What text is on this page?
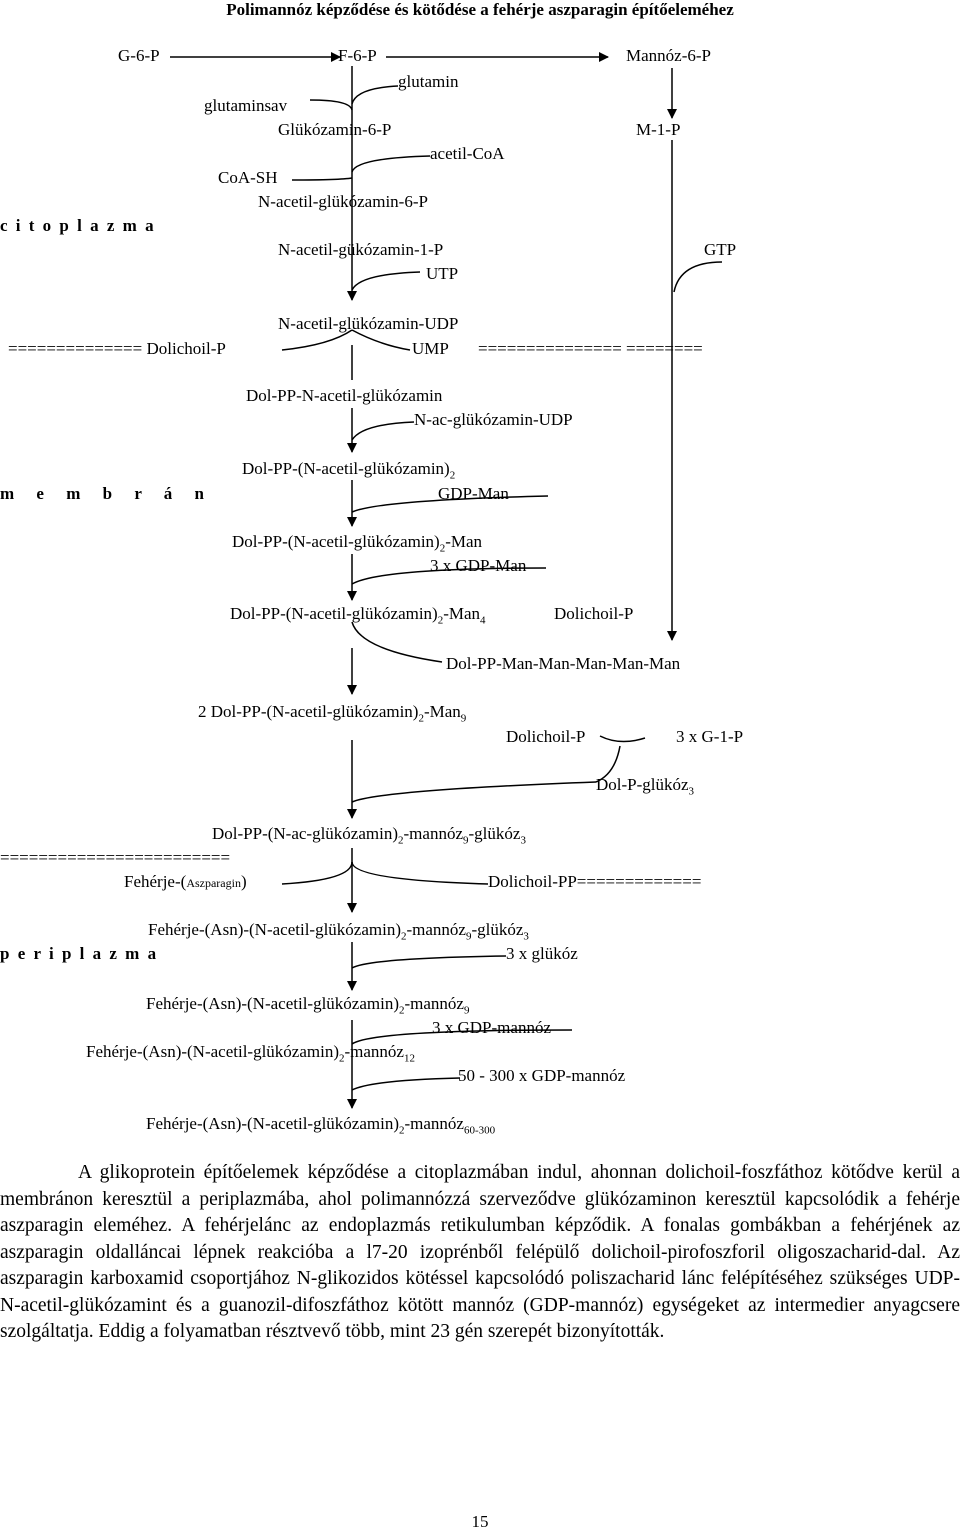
Polimannóz képződése és kötődése a fehérje aszparagin építőeleméhez
G-6-P	F-6-P	Mannóz-6-P
glutamin
glutaminsav
Glükózamin-6-P	M-1-P
acetil-CoA
CoA-SH
N-acetil-glükózamin-6-P
c i t o p l a z m a
N-acetil-gükózamin-1-P	GTP
UTP
N-acetil-glükózamin-UDP
============== Dolichoil-P	UMP =============== ========
Dol-PP-N-acetil-glükózamin
N-ac-glükózamin-UDP
Dol-$PP-(N-acetil-glükózamin)_2$
m e m b r á n	GDP-Man
Dol-$PP-(N-acetil-glükózamin)_2$-Man
3 x GDP-Man
Dol-$PP-(N-acetil-glükózamin)_2-Man_4$	Dolichoil-P
Dol-PP-Man-Man-Man-Man-Man
2 Dol-$PP-(N-acetil-glükózamin)_2-Man_9$
Dolichoil-P	3 x G-1-P
Dol-P-glükóz$_3$
Dol-$PP-(N-ac-glükózamin)_2-mannóz_9-glükóz_3$
========================
Fehérje-(Aszparagin)	Dolichoil-PP=============
Fehérje-$(Asn)-(N-acetil-glükózamin)_2-mannóz_9-glükóz_3$
p e r i p l a z m a	3 x glükóz
Fehérje-$(Asn)-(N-acetil-glükózamin)_2-mannóz_9$
3 x GDP-mannóz
Fehérje-$(Asn)-(N-acetil-glükózamin)_2-mannóz_{12}$
50 - 300 x GDP-mannóz
Fehérje-$(Asn)-(N-acetil-glükózamin)_2-mannóz_{60-300}$
A glikoprotein építőelemek képződése a citoplazmában indul, ahonnan dolichoil-foszfáthoz kötődve kerül a membránon keresztül a periplazmába, ahol polimannózzá szerveződve glükózaminon keresztül kapcsolódik a fehérje aszparagin eleméhez. A fehérjelánc az endoplazmás retikulumban képződik. A fonalas gombákban a fehérjének az aszparagin oldalláncai lépnek reakcióba a l7-20 izoprénből felépülő dolichoil-pirofoszforil oligoszacharid-dal. Az aszparagin karboxamid csoportjához N-glikozidos kötéssel kapcsolódó poliszacharid lánc felépítéséhez szükséges UDP-N-acetil-glükózamint és a guanozil-difoszfáthoz kötött mannóz (GDP-mannóz) egységeket az intermedier anyagcsere szolgáltatja. Eddig a folyamatban résztvevő több, mint 23 gén szerepét bizonyították.
15
